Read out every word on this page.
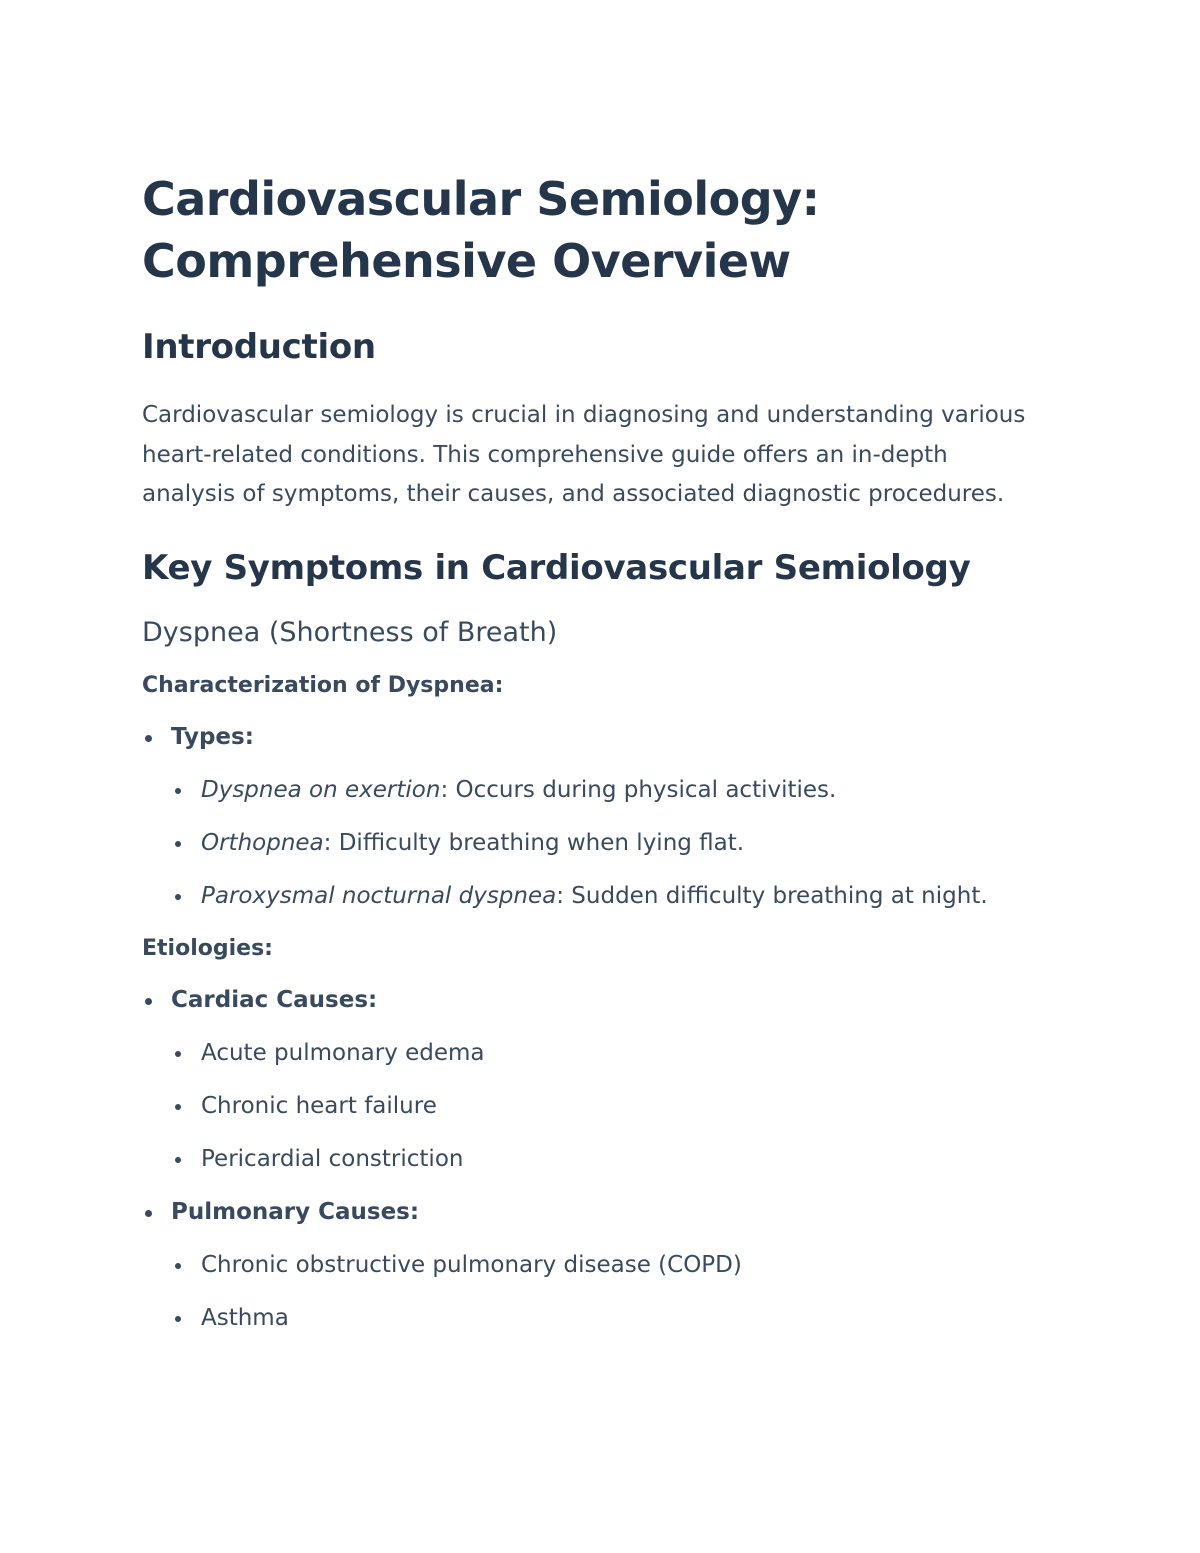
Cardiovascular Semiology:
Comprehensive Overview
Introduction

Cardiovascular semiology is crucial in diagnosing and understanding various heart-related conditions. This comprehensive guide offers an in-depth analysis of symptoms, their causes, and associated diagnostic procedures.

Key Symptoms in Cardiovascular Semiology
Dyspnea (Shortness of Breath)
Characterization of Dyspnea:
Types:
Dyspnea on exertion: Occurs during physical activities.
Orthopnea: Difficulty breathing when lying flat.
Paroxysmal nocturnal dyspnea: Sudden difficulty breathing at night.
Etiologies:
Cardiac Causes:
Acute pulmonary edema
Chronic heart failure
Pericardial constriction
Pulmonary Causes:
Chronic obstructive pulmonary disease (COPD)
Asthma
